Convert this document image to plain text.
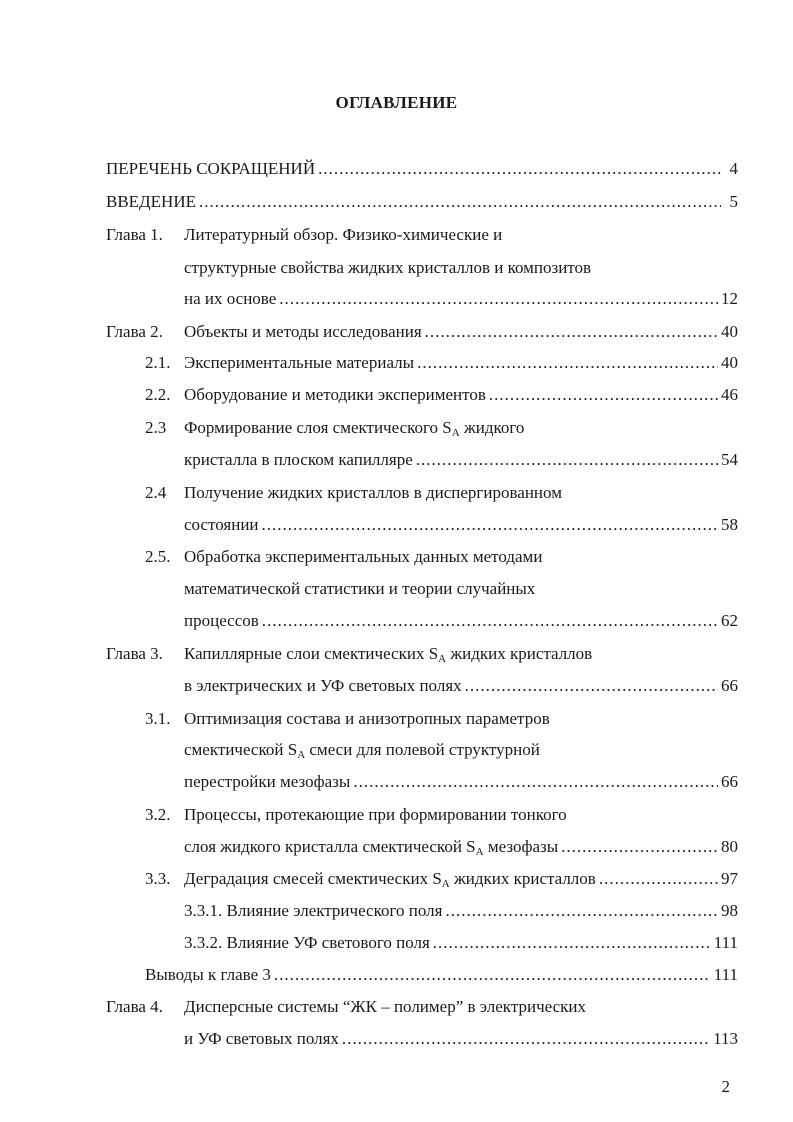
ОГЛАВЛЕНИЕ
ПЕРЕЧЕНЬ СОКРАЩЕНИЙ .....	4
ВВЕДЕНИЕ .....	5
Глава 1. Литературный обзор. Физико-химические и
структурные свойства жидких кристаллов и композитов
на их основе .....	12
Глава 2. Объекты и методы исследования .....	40
2.1. Экспериментальные материалы .....	40
2.2. Оборудование и методики экспериментов .....	46
2.3 Формирование слоя смектического $S_A$ жидкого
кристалла в плоском капилляре .....	54
2.4 Получение жидких кристаллов в диспергированном
состоянии .....	58
2.5. Обработка экспериментальных данных методами
математической статистики и теории случайных
процессов .....	62
Глава 3. Капиллярные слои смектических $S_A$ жидких кристаллов
в электрических и УФ световых полях .....	66
3.1. Оптимизация состава и анизотропных параметров
смектической $S_A$ смеси для полевой структурной
перестройки мезофазы .....	66
3.2. Процессы, протекающие при формировании тонкого
слоя жидкого кристалла смектической $S_A$ мезофазы .....	80
3.3. Деградация смесей смектических $S_A$ жидких кристаллов .....	97
3.3.1. Влияние электрического поля .....	98
3.3.2. Влияние УФ светового поля .....	111
Выводы к главе 3 .....	111
Глава 4. Дисперсные системы “ЖК – полимер” в электрических
и УФ световых полях .....	113
2
